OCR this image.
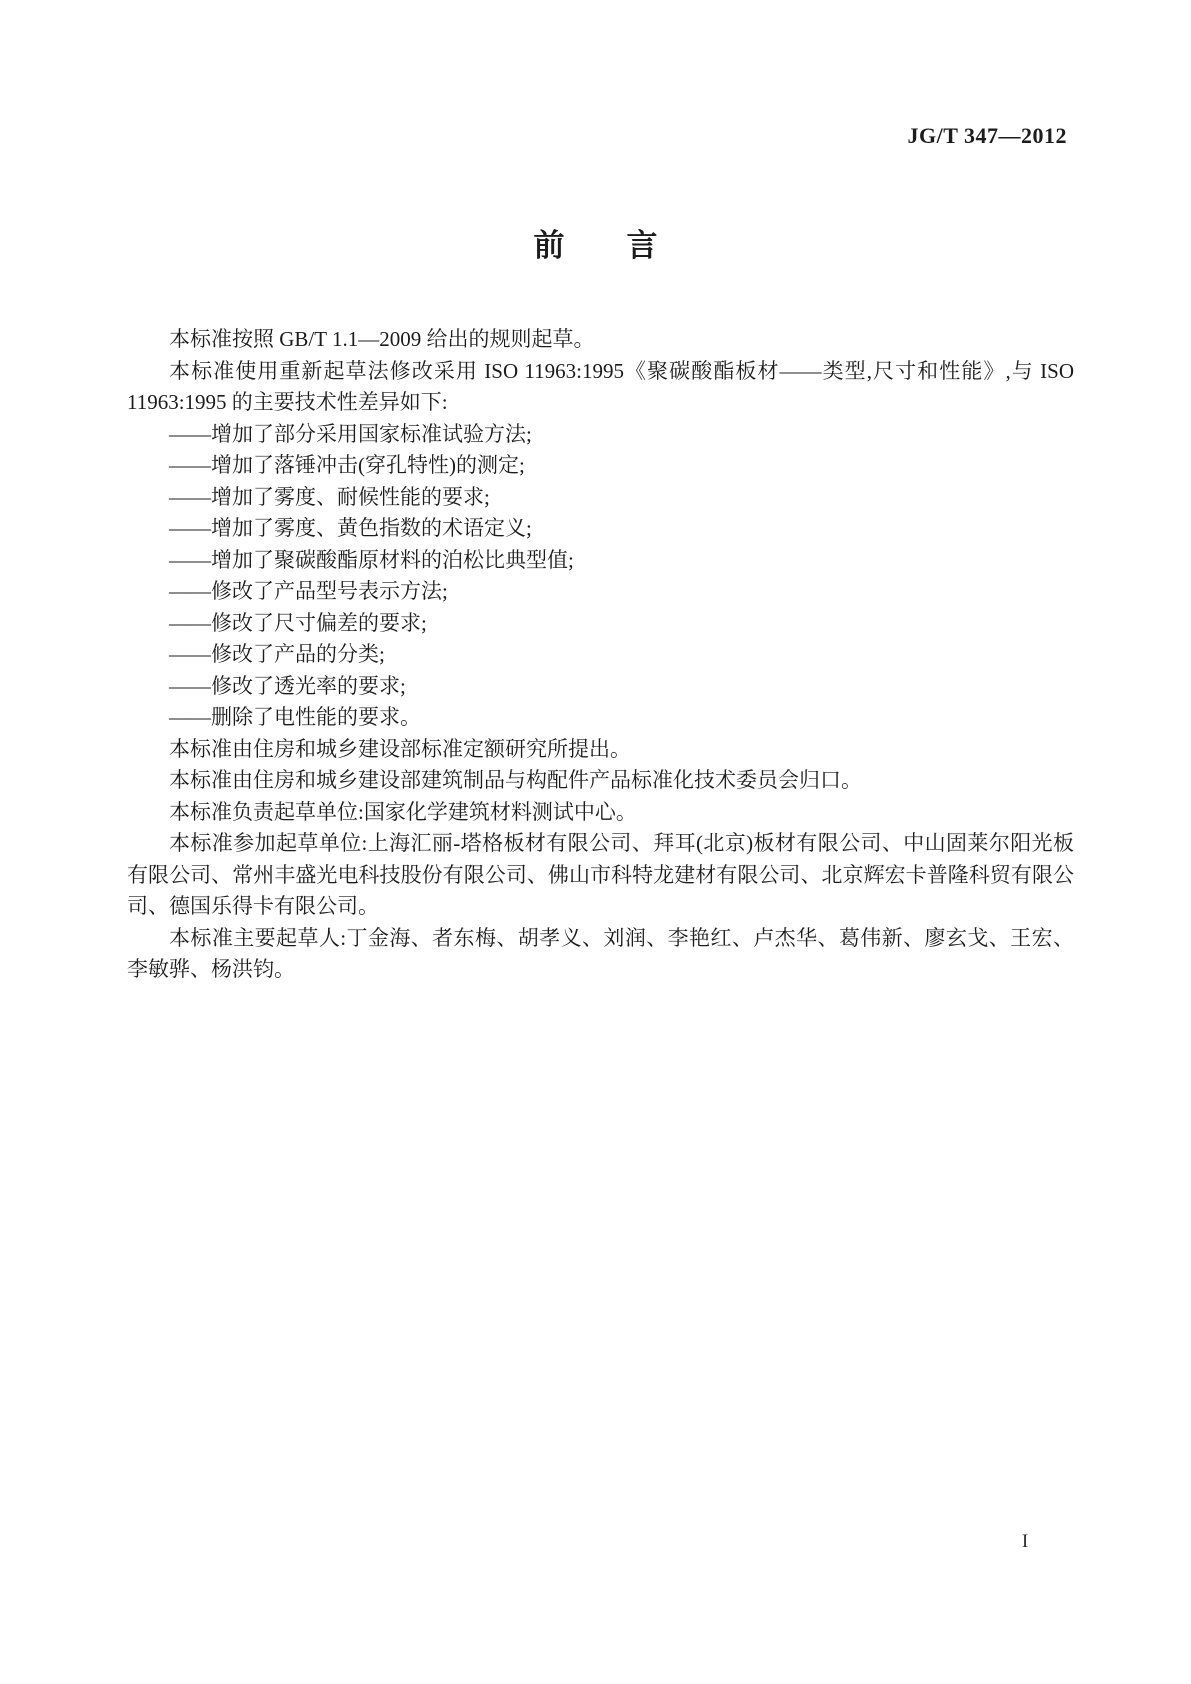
JG/T 347—2012
前　　言

本标准按照 GB/T 1.1—2009 给出的规则起草。

本标准使用重新起草法修改采用 ISO 11963:1995《聚碳酸酯板材——类型,尺寸和性能》,与 ISO 11963:1995 的主要技术性差异如下:

——增加了部分采用国家标准试验方法;

——增加了落锤冲击(穿孔特性)的测定;

——增加了雾度、耐候性能的要求;

——增加了雾度、黄色指数的术语定义;

——增加了聚碳酸酯原材料的泊松比典型值;

——修改了产品型号表示方法;

——修改了尺寸偏差的要求;

——修改了产品的分类;

——修改了透光率的要求;

——删除了电性能的要求。

本标准由住房和城乡建设部标准定额研究所提出。

本标准由住房和城乡建设部建筑制品与构配件产品标准化技术委员会归口。

本标准负责起草单位:国家化学建筑材料测试中心。

本标准参加起草单位:上海汇丽-塔格板材有限公司、拜耳(北京)板材有限公司、中山固莱尔阳光板有限公司、常州丰盛光电科技股份有限公司、佛山市科特龙建材有限公司、北京辉宏卡普隆科贸有限公司、德国乐得卡有限公司。

本标准主要起草人:丁金海、者东梅、胡孝义、刘润、李艳红、卢杰华、葛伟新、廖玄戈、王宏、李敏骅、杨洪钧。

I
